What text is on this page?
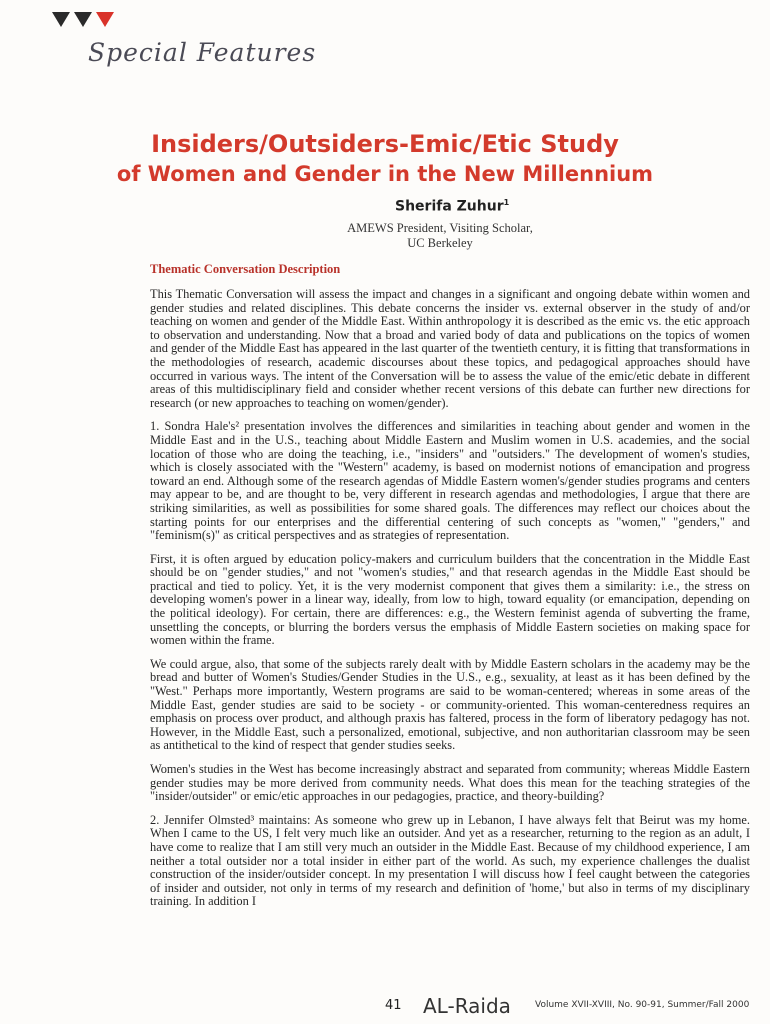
Special Features
Insiders/Outsiders-Emic/Etic Study
of Women and Gender in the New Millennium
Sherifa Zuhur$^1$
AMEWS President, Visiting Scholar,
UC Berkeley
Thematic Conversation Description

This Thematic Conversation will assess the impact and changes in a significant and ongoing debate within women and gender studies and related disciplines. This debate concerns the insider vs. external observer in the study of and/or teaching on women and gender of the Middle East. Within anthropology it is described as the emic vs. the etic approach to observation and understanding. Now that a broad and varied body of data and publications on the topics of women and gender of the Middle East has appeared in the last quarter of the twentieth century, it is fitting that transformations in the methodologies of research, academic discourses about these topics, and pedagogical approaches should have occurred in various ways. The intent of the Conversation will be to assess the value of the emic/etic debate in different areas of this multidisciplinary field and consider whether recent versions of this debate can further new directions for research (or new approaches to teaching on women/gender).

1. Sondra Hale's² presentation involves the differences and similarities in teaching about gender and women in the Middle East and in the U.S., teaching about Middle Eastern and Muslim women in U.S. academies, and the social location of those who are doing the teaching, i.e., "insiders" and "outsiders." The development of women's studies, which is closely associated with the "Western" academy, is based on modernist notions of emancipation and progress toward an end. Although some of the research agendas of Middle Eastern women's/gender studies programs and centers may appear to be, and are thought to be, very different in research agendas and methodologies, I argue that there are striking similarities, as well as possibilities for some shared goals. The differences may reflect our choices about the starting points for our enterprises and the differential centering of such concepts as "women," "genders," and "feminism(s)" as critical perspectives and as strategies of representation.

First, it is often argued by education policy-makers and curriculum builders that the concentration in the Middle East should be on "gender studies," and not "women's studies," and that research agendas in the Middle East should be practical and tied to policy. Yet, it is the very modernist component that gives them a similarity: i.e., the stress on developing women's power in a linear way, ideally, from low to high, toward equality (or emancipation, depending on the political ideology). For certain, there are differences: e.g., the Western feminist agenda of subverting the frame, unsettling the concepts, or blurring the borders versus the emphasis of Middle Eastern societies on making space for women within the frame.

We could argue, also, that some of the subjects rarely dealt with by Middle Eastern scholars in the academy may be the bread and butter of Women's Studies/Gender Studies in the U.S., e.g., sexuality, at least as it has been defined by the "West." Perhaps more importantly, Western programs are said to be woman-centered; whereas in some areas of the Middle East, gender studies are said to be society - or community-oriented. This woman-centeredness requires an emphasis on process over product, and although praxis has faltered, process in the form of liberatory pedagogy has not. However, in the Middle East, such a personalized, emotional, subjective, and non authoritarian classroom may be seen as antithetical to the kind of respect that gender studies seeks.

Women's studies in the West has become increasingly abstract and separated from community; whereas Middle Eastern gender studies may be more derived from community needs. What does this mean for the teaching strategies of the "insider/outsider" or emic/etic approaches in our pedagogies, practice, and theory-building?

2. Jennifer Olmsted³ maintains: As someone who grew up in Lebanon, I have always felt that Beirut was my home. When I came to the US, I felt very much like an outsider. And yet as a researcher, returning to the region as an adult, I have come to realize that I am still very much an outsider in the Middle East. Because of my childhood experience, I am neither a total outsider nor a total insider in either part of the world. As such, my experience challenges the dualist construction of the insider/outsider concept. In my presentation I will discuss how I feel caught between the categories of insider and outsider, not only in terms of my research and definition of 'home,' but also in terms of my disciplinary training. In addition I

41 AL-Raida	Volume XVII-XVIII, No. 90-91, Summer/Fall 2000
